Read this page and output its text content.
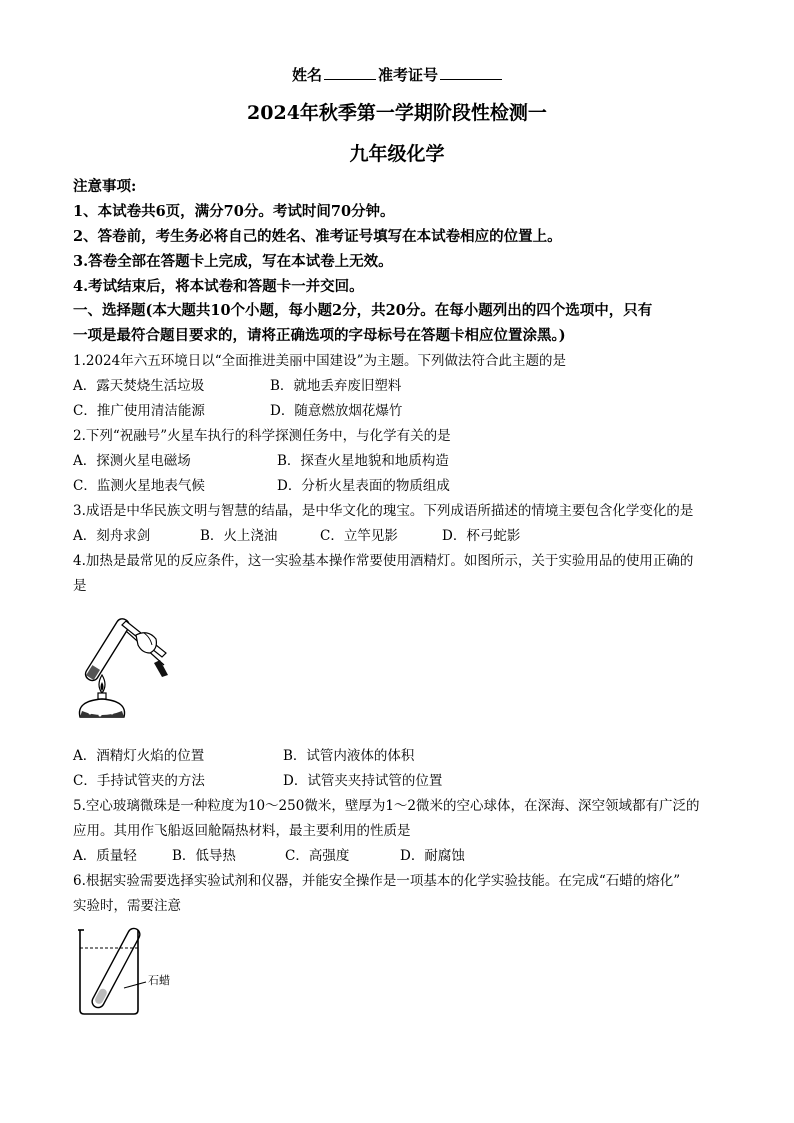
姓名	准考证号
2024年秋季第一学期阶段性检测一
九年级化学
注意事项:
1、本试卷共6页，满分70分。考试时间70分钟。
2、答卷前，考生务必将自己的姓名、准考证号填写在本试卷相应的位置上。
3.答卷全部在答题卡上完成，写在本试卷上无效。
4.考试结束后，将本试卷和答题卡一并交回。
一、选择题(本大题共10个小题，每小题2分，共20分。在每小题列出的四个选项中，只有
一项是最符合题目要求的，请将正确选项的字母标号在答题卡相应位置涂黑。)
1.2024年六五环境日以“全面推进美丽中国建设”为主题。下列做法符合此主题的是
A．露天焚烧生活垃圾	B．就地丢弃废旧塑料
C．推广使用清洁能源	D．随意燃放烟花爆竹
2.下列“祝融号”火星车执行的科学探测任务中，与化学有关的是
A．探测火星电磁场	B．探查火星地貌和地质构造
C．监测火星地表气候	D．分析火星表面的物质组成
3.成语是中华民族文明与智慧的结晶，是中华文化的瑰宝。下列成语所描述的情境主要包含化学变化的是
A．刻舟求剑	B．火上浇油	C．立竿见影	D．杯弓蛇影
4.加热是最常见的反应条件，这一实验基本操作常要使用酒精灯。如图所示，关于实验用品的使用正确的
是
A．酒精灯火焰的位置	B．试管内液体的体积
C．手持试管夹的方法	D．试管夹夹持试管的位置
5.空心玻璃微珠是一种粒度为10～250微米，壁厚为1～2微米的空心球体，在深海、深空领域都有广泛的
应用。其用作飞船返回舱隔热材料，最主要利用的性质是
A．质量轻	B．低导热	C．高强度	D．耐腐蚀
6.根据实验需要选择实验试剂和仪器，并能安全操作是一项基本的化学实验技能。在完成“石蜡的熔化”
实验时，需要注意
石蜡
